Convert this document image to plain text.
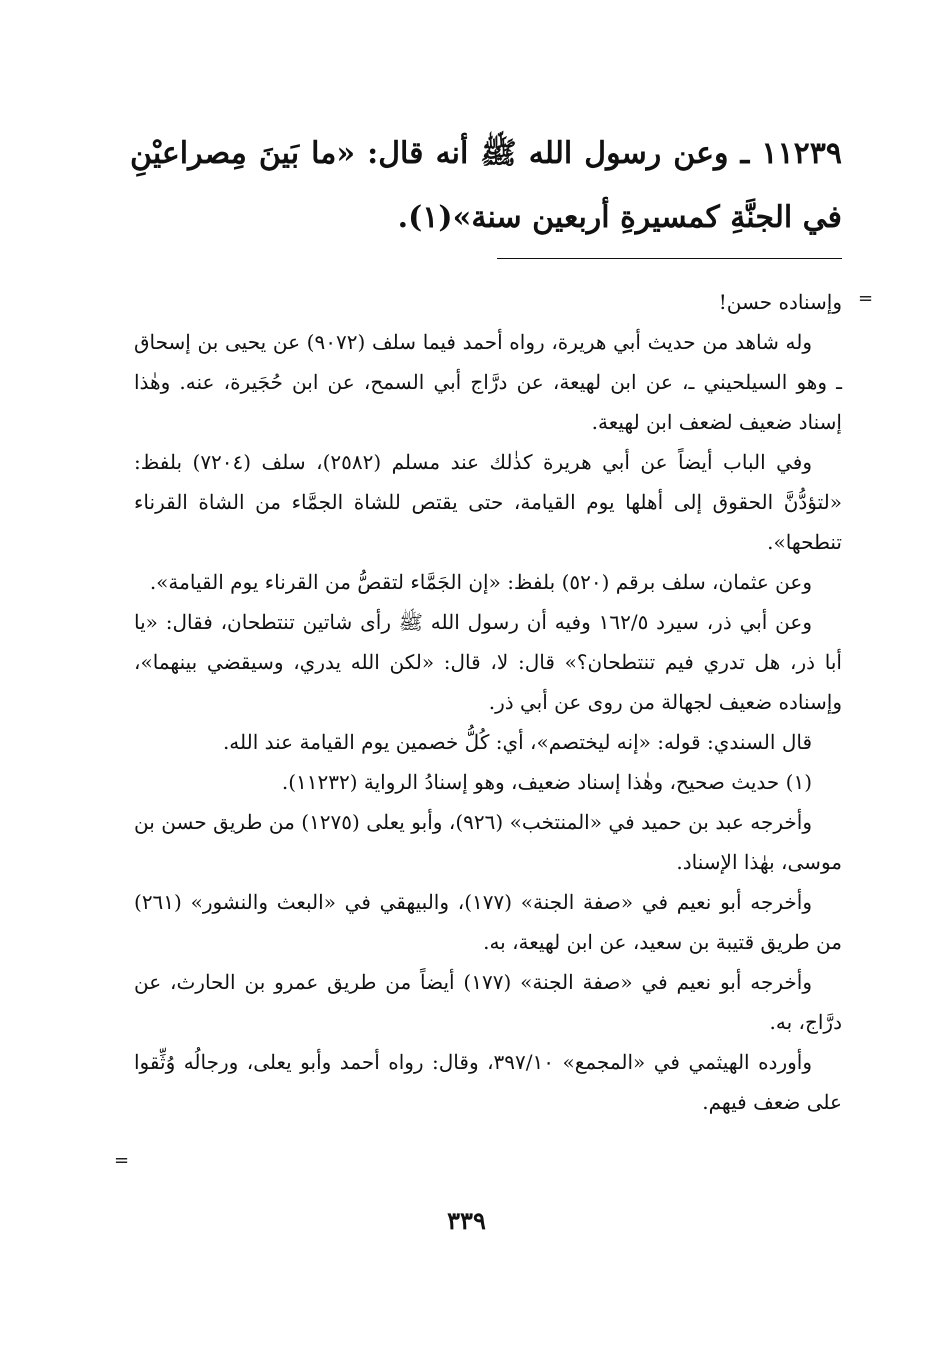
١١٢٣٩ ـ وعن رسول الله ﷺ أنه قال: «ما بَينَ مِصراعيْنِ في الجنَّةِ كمسيرةِ أربعين سنة»(١).

=

وإسناده حسن!

وله شاهد من حديث أبي هريرة، رواه أحمد فيما سلف (٩٠٧٢) عن يحيى بن إسحاق ـ وهو السيلحيني ـ، عن ابن لهيعة، عن درَّاج أبي السمح، عن ابن حُجَيرة، عنه. وهٰذا إسناد ضعيف لضعف ابن لهيعة.

وفي الباب أيضاً عن أبي هريرة كذٰلك عند مسلم (٢٥٨٢)، سلف (٧٢٠٤) بلفظ: «لتؤدُّنَّ الحقوق إلى أهلها يوم القيامة، حتى يقتص للشاة الجمَّاء من الشاة القرناء تنطحها».

وعن عثمان، سلف برقم (٥٢٠) بلفظ: «إن الجَمَّاء لتقصُّ من القرناء يوم القيامة».

وعن أبي ذر، سيرد ١٦٢/٥ وفيه أن رسول الله ﷺ رأى شاتين تنتطحان، فقال: «يا أبا ذر، هل تدري فيم تنتطحان؟» قال: لا، قال: «لكن الله يدري، وسيقضي بينهما»، وإسناده ضعيف لجهالة من روى عن أبي ذر.

قال السندي: قوله: «إنه ليختصم»، أي: كُلُّ خصمين يوم القيامة عند الله.

(١) حديث صحيح، وهٰذا إسناد ضعيف، وهو إسنادُ الرواية (١١٢٣٢).

وأخرجه عبد بن حميد في «المنتخب» (٩٢٦)، وأبو يعلى (١٢٧٥) من طريق حسن بن موسى، بهٰذا الإسناد.

وأخرجه أبو نعيم في «صفة الجنة» (١٧٧)، والبيهقي في «البعث والنشور» (٢٦١) من طريق قتيبة بن سعيد، عن ابن لهيعة، به.

وأخرجه أبو نعيم في «صفة الجنة» (١٧٧) أيضاً من طريق عمرو بن الحارث، عن درَّاج، به.

وأورده الهيثمي في «المجمع» ٣٩٧/١٠، وقال: رواه أحمد وأبو يعلى، ورجالُه وُثِّقوا على ضعف فيهم.

=
٣٣٩
